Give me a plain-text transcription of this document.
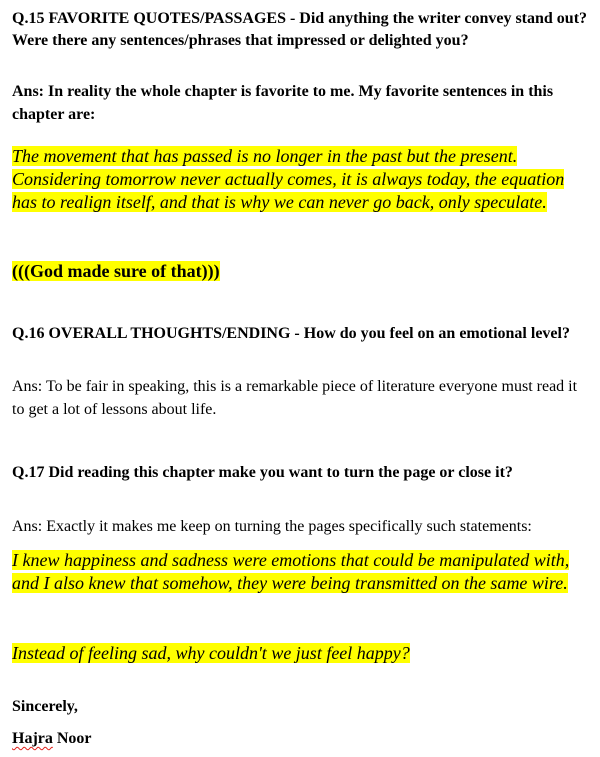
Q.15 FAVORITE QUOTES/PASSAGES - Did anything the writer convey stand out? Were there any sentences/phrases that impressed or delighted you?

Ans: In reality the whole chapter is favorite to me. My favorite sentences in this chapter are:

The movement that has passed is no longer in the past but the present. Considering tomorrow never actually comes, it is always today, the equation has to realign itself, and that is why we can never go back, only speculate.

(((God made sure of that)))

Q.16 OVERALL THOUGHTS/ENDING - How do you feel on an emotional level?

Ans: To be fair in speaking, this is a remarkable piece of literature everyone must read it to get a lot of lessons about life.

Q.17 Did reading this chapter make you want to turn the page or close it?

Ans: Exactly it makes me keep on turning the pages specifically such statements:

I knew happiness and sadness were emotions that could be manipulated with, and I also knew that somehow, they were being transmitted on the same wire.

Instead of feeling sad, why couldn't we just feel happy?

Sincerely,

Hajra Noor
